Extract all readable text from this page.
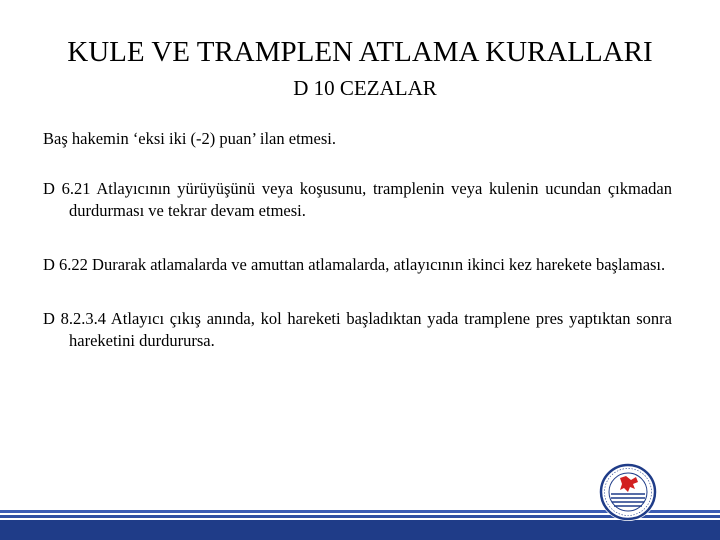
KULE VE TRAMPLEN ATLAMA KURALLARI
D 10 CEZALAR

Baş hakemin ‘eksi iki (-2) puan’ ilan etmesi.

D 6.21 Atlayıcının yürüyüşünü veya koşusunu, tramplenin veya kulenin ucundan çıkmadan durdurması ve tekrar devam etmesi.

D 6.22 Durarak atlamalarda ve amuttan atlamalarda, atlayıcının ikinci kez harekete başlaması.

D 8.2.3.4 Atlayıcı çıkış anında, kol hareketi başladıktan yada tramplene pres yaptıktan sonra hareketini durdurursa.
